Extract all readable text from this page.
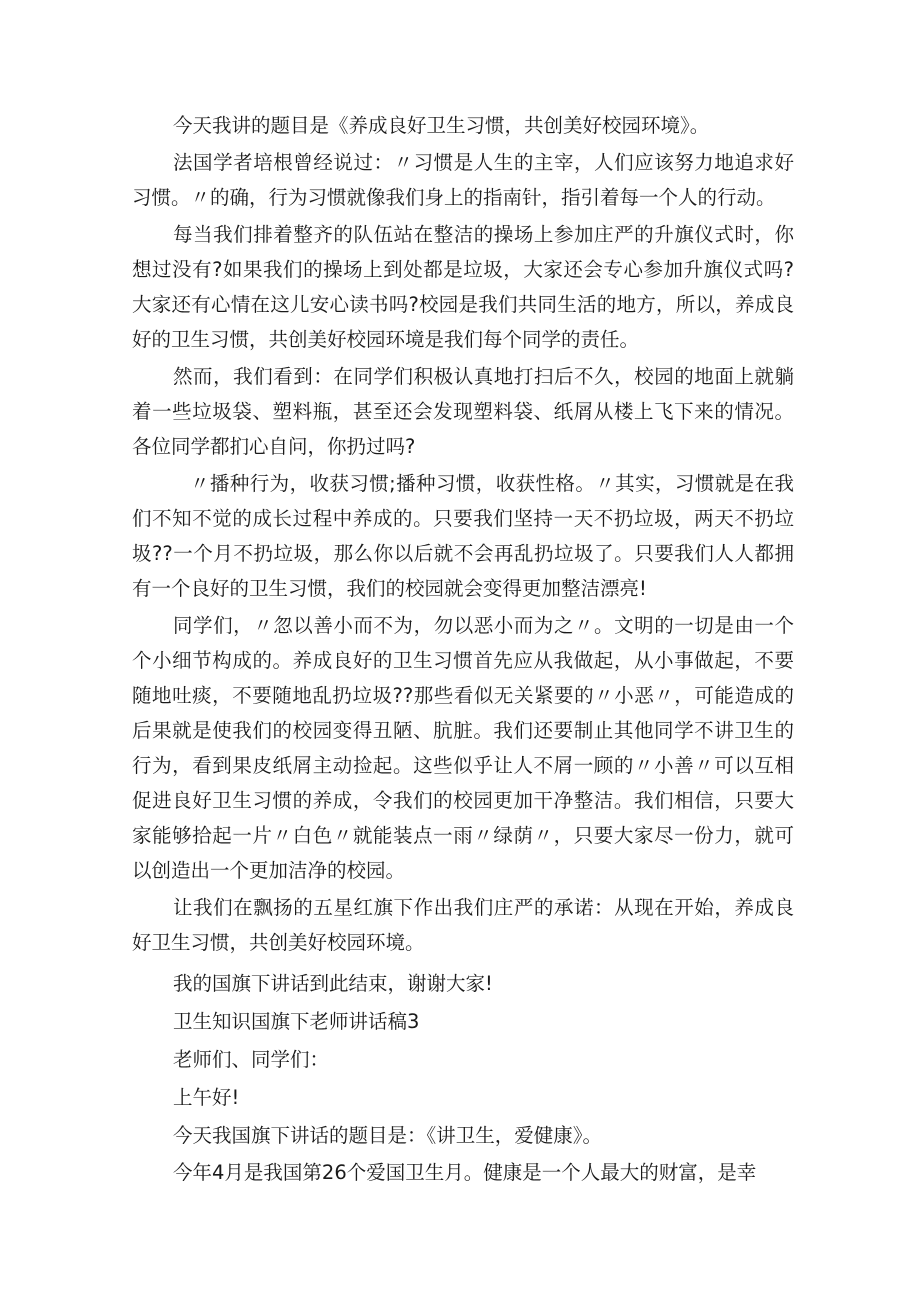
今天我讲的题目是《养成良好卫生习惯，共创美好校园环境》。

法国学者培根曾经说过：〃习惯是人生的主宰，人们应该努力地追求好习惯。〃的确，行为习惯就像我们身上的指南针，指引着每一个人的行动。

每当我们排着整齐的队伍站在整洁的操场上参加庄严的升旗仪式时，你想过没有?如果我们的操场上到处都是垃圾，大家还会专心参加升旗仪式吗?大家还有心情在这儿安心读书吗?校园是我们共同生活的地方，所以，养成良好的卫生习惯，共创美好校园环境是我们每个同学的责任。

然而，我们看到：在同学们积极认真地打扫后不久，校园的地面上就躺着一些垃圾袋、塑料瓶，甚至还会发现塑料袋、纸屑从楼上飞下来的情况。各位同学都扪心自问，你扔过吗?

〃播种行为，收获习惯;播种习惯，收获性格。〃其实，习惯就是在我们不知不觉的成长过程中养成的。只要我们坚持一天不扔垃圾，两天不扔垃圾??一个月不扔垃圾，那么你以后就不会再乱扔垃圾了。只要我们人人都拥有一个良好的卫生习惯，我们的校园就会变得更加整洁漂亮!

同学们，〃忽以善小而不为，勿以恶小而为之〃。文明的一切是由一个个小细节构成的。养成良好的卫生习惯首先应从我做起，从小事做起，不要随地吐痰，不要随地乱扔垃圾??那些看似无关紧要的〃小恶〃，可能造成的后果就是使我们的校园变得丑陋、肮脏。我们还要制止其他同学不讲卫生的行为，看到果皮纸屑主动捡起。这些似乎让人不屑一顾的〃小善〃可以互相促进良好卫生习惯的养成，令我们的校园更加干净整洁。我们相信，只要大家能够拾起一片〃白色〃就能装点一雨〃绿荫〃，只要大家尽一份力，就可以创造出一个更加洁净的校园。

让我们在飘扬的五星红旗下作出我们庄严的承诺：从现在开始，养成良好卫生习惯，共创美好校园环境。

我的国旗下讲话到此结束，谢谢大家!

卫生知识国旗下老师讲话稿3

老师们、同学们：

上午好!

今天我国旗下讲话的题目是：《讲卫生，爱健康》。

今年4月是我国第26个爱国卫生月。健康是一个人最大的财富，是幸
